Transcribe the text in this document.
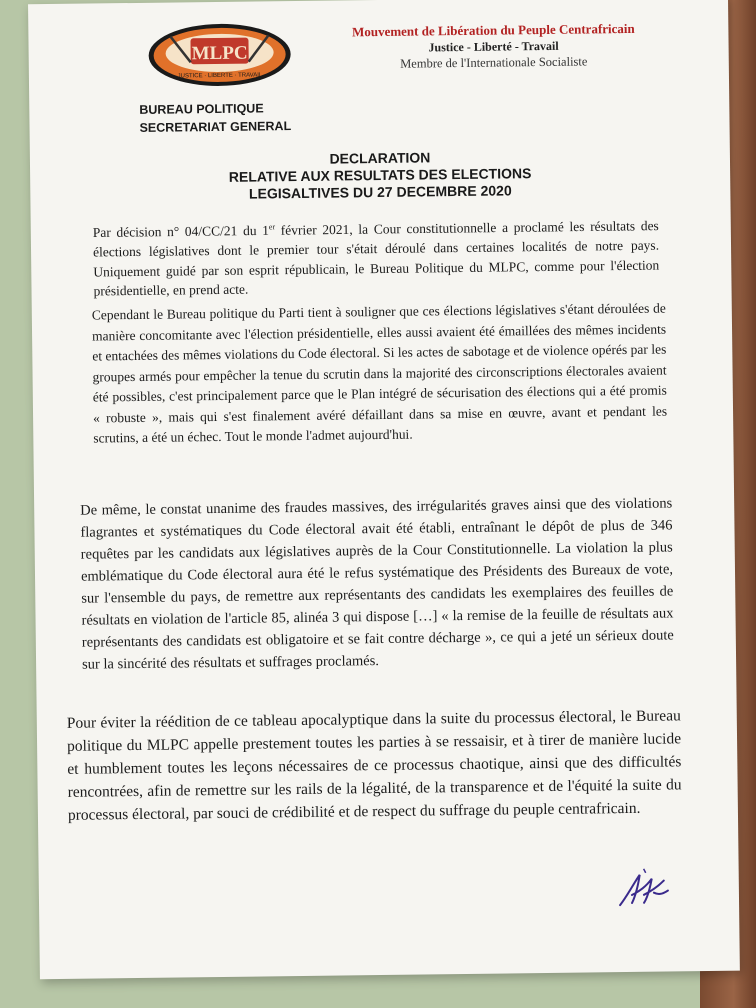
MLPC
JUSTICE · LIBERTE · TRAVAIL
Mouvement de Libération du Peuple Centrafricain
Justice - Liberté - Travail
Membre de l'Internationale Socialiste
BUREAU POLITIQUE
SECRETARIAT GENERAL
DECLARATION
RELATIVE AUX RESULTATS DES ELECTIONS
LEGISALTIVES DU 27 DECEMBRE 2020

Par décision n° 04/CC/21 du 1er février 2021, la Cour constitutionnelle a proclamé les résultats des élections législatives dont le premier tour s'était déroulé dans certaines localités de notre pays. Uniquement guidé par son esprit républicain, le Bureau Politique du MLPC, comme pour l'élection présidentielle, en prend acte.

Cependant le Bureau politique du Parti tient à souligner que ces élections législatives s'étant déroulées de manière concomitante avec l'élection présidentielle, elles aussi avaient été émaillées des mêmes incidents et entachées des mêmes violations du Code électoral. Si les actes de sabotage et de violence opérés par les groupes armés pour empêcher la tenue du scrutin dans la majorité des circonscriptions électorales avaient été possibles, c'est principalement parce que le Plan intégré de sécurisation des élections qui a été promis « robuste », mais qui s'est finalement avéré défaillant dans sa mise en œuvre, avant et pendant les scrutins, a été un échec. Tout le monde l'admet aujourd'hui.

De même, le constat unanime des fraudes massives, des irrégularités graves ainsi que des violations flagrantes et systématiques du Code électoral avait été établi, entraînant le dépôt de plus de 346 requêtes par les candidats aux législatives auprès de la Cour Constitutionnelle. La violation la plus emblématique du Code électoral aura été le refus systématique des Présidents des Bureaux de vote, sur l'ensemble du pays, de remettre aux représentants des candidats les exemplaires des feuilles de résultats en violation de l'article 85, alinéa 3 qui dispose […] « la remise de la feuille de résultats aux représentants des candidats est obligatoire et se fait contre décharge », ce qui a jeté un sérieux doute sur la sincérité des résultats et suffrages proclamés.

Pour éviter la réédition de ce tableau apocalyptique dans la suite du processus électoral, le Bureau politique du MLPC appelle prestement toutes les parties à se ressaisir, et à tirer de manière lucide et humblement toutes les leçons nécessaires de ce processus chaotique, ainsi que des difficultés rencontrées, afin de remettre sur les rails de la légalité, de la transparence et de l'équité la suite du processus électoral, par souci de crédibilité et de respect du suffrage du peuple centrafricain.
